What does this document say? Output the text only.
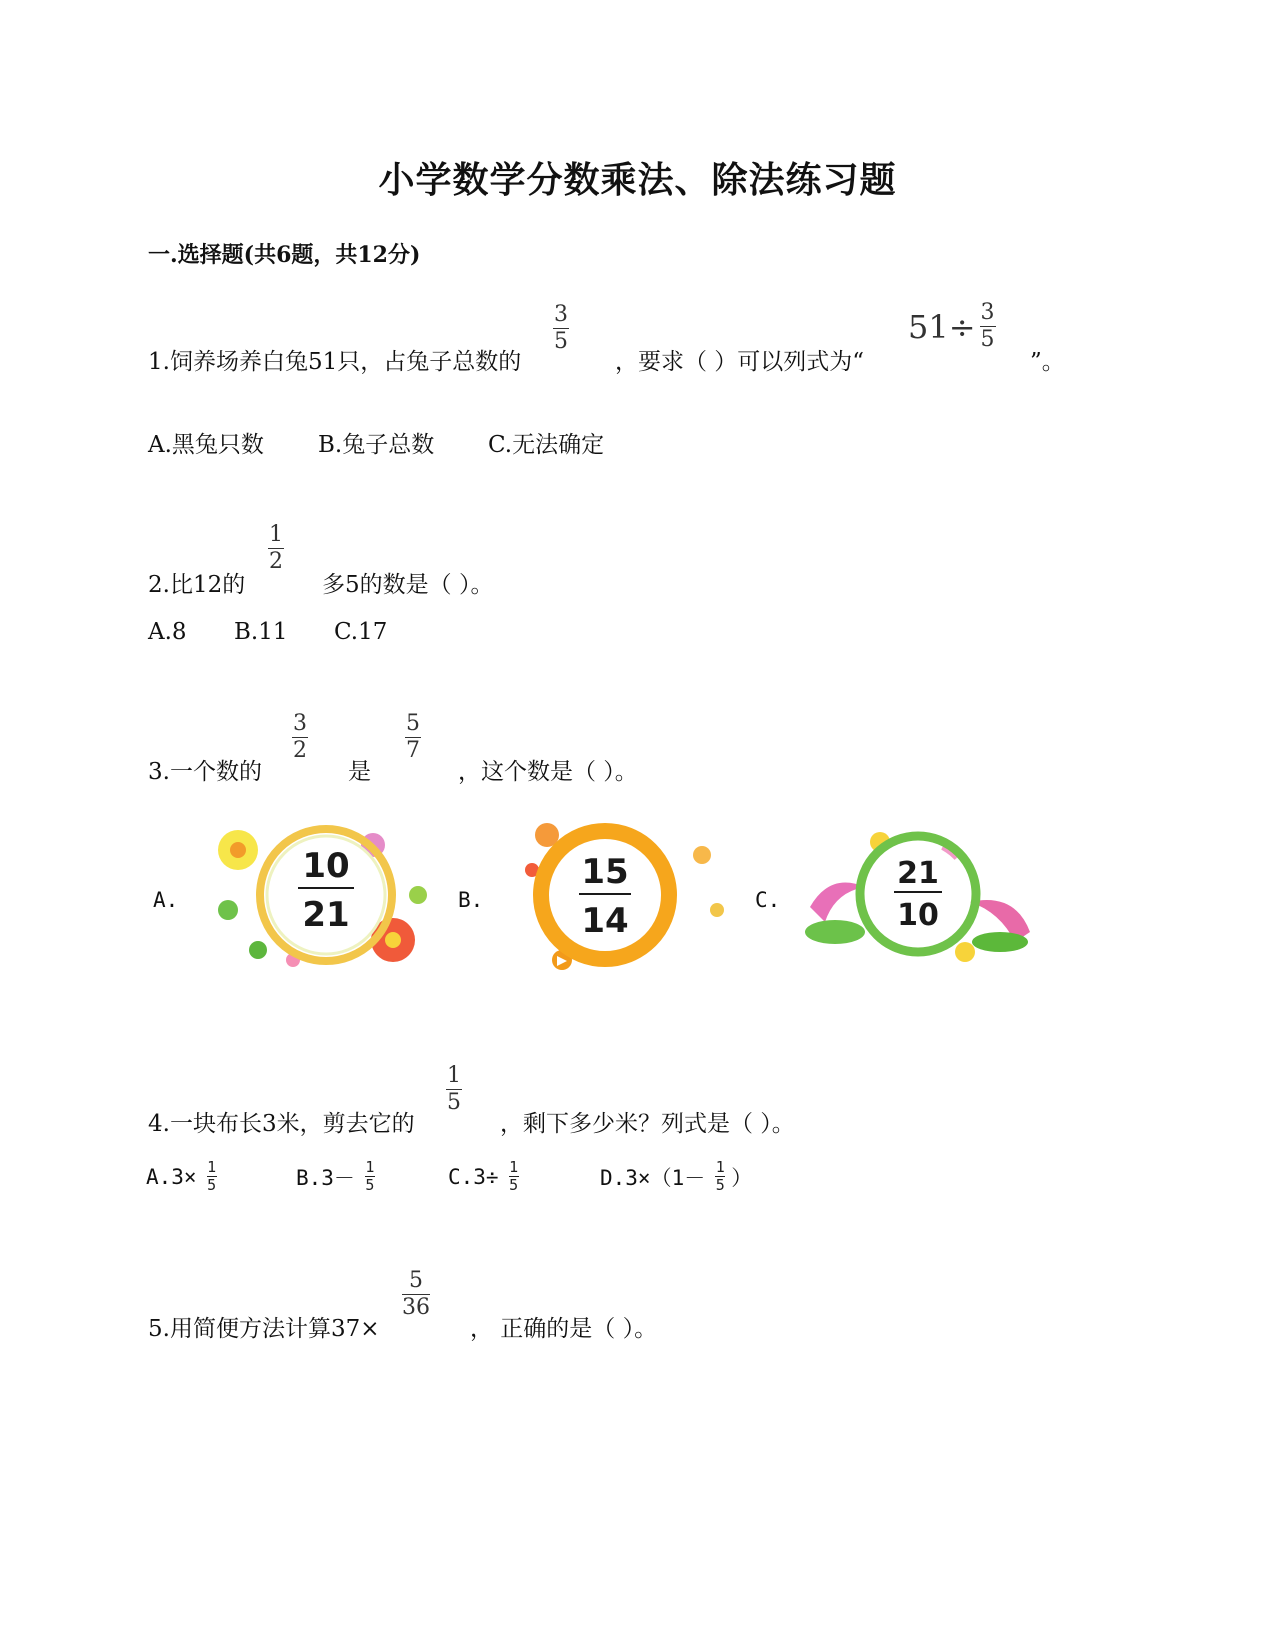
小学数学分数乘法、除法练习题
一.选择题(共6题，共12分)
1.饲养场养白兔51只，占兔子总数的
3
5
，要求（ ）可以列式为“
$51\div \frac{3}{5}$
”。
A.黑兔只数 B.兔子总数 C.无法确定
2.比12的
1
2
多5的数是（ ）。
A.8 B.11 C.17
3.一个数的
3
2
是
5
7
，这个数是（ ）。
A.
10
21	B.
15
14
C.
21
10
4.一块布长3米，剪去它的
1
5
，剩下多少米？列式是（ ）。
$A.3\times \frac{1}{5}$	$B.3- \frac{1}{5}$	$C.3\div \frac{1}{5}$	$D.3\times(1- \frac{1}{5}$ ）
5.用简便方法计算37×
5
36
， 正确的是（ ）。
